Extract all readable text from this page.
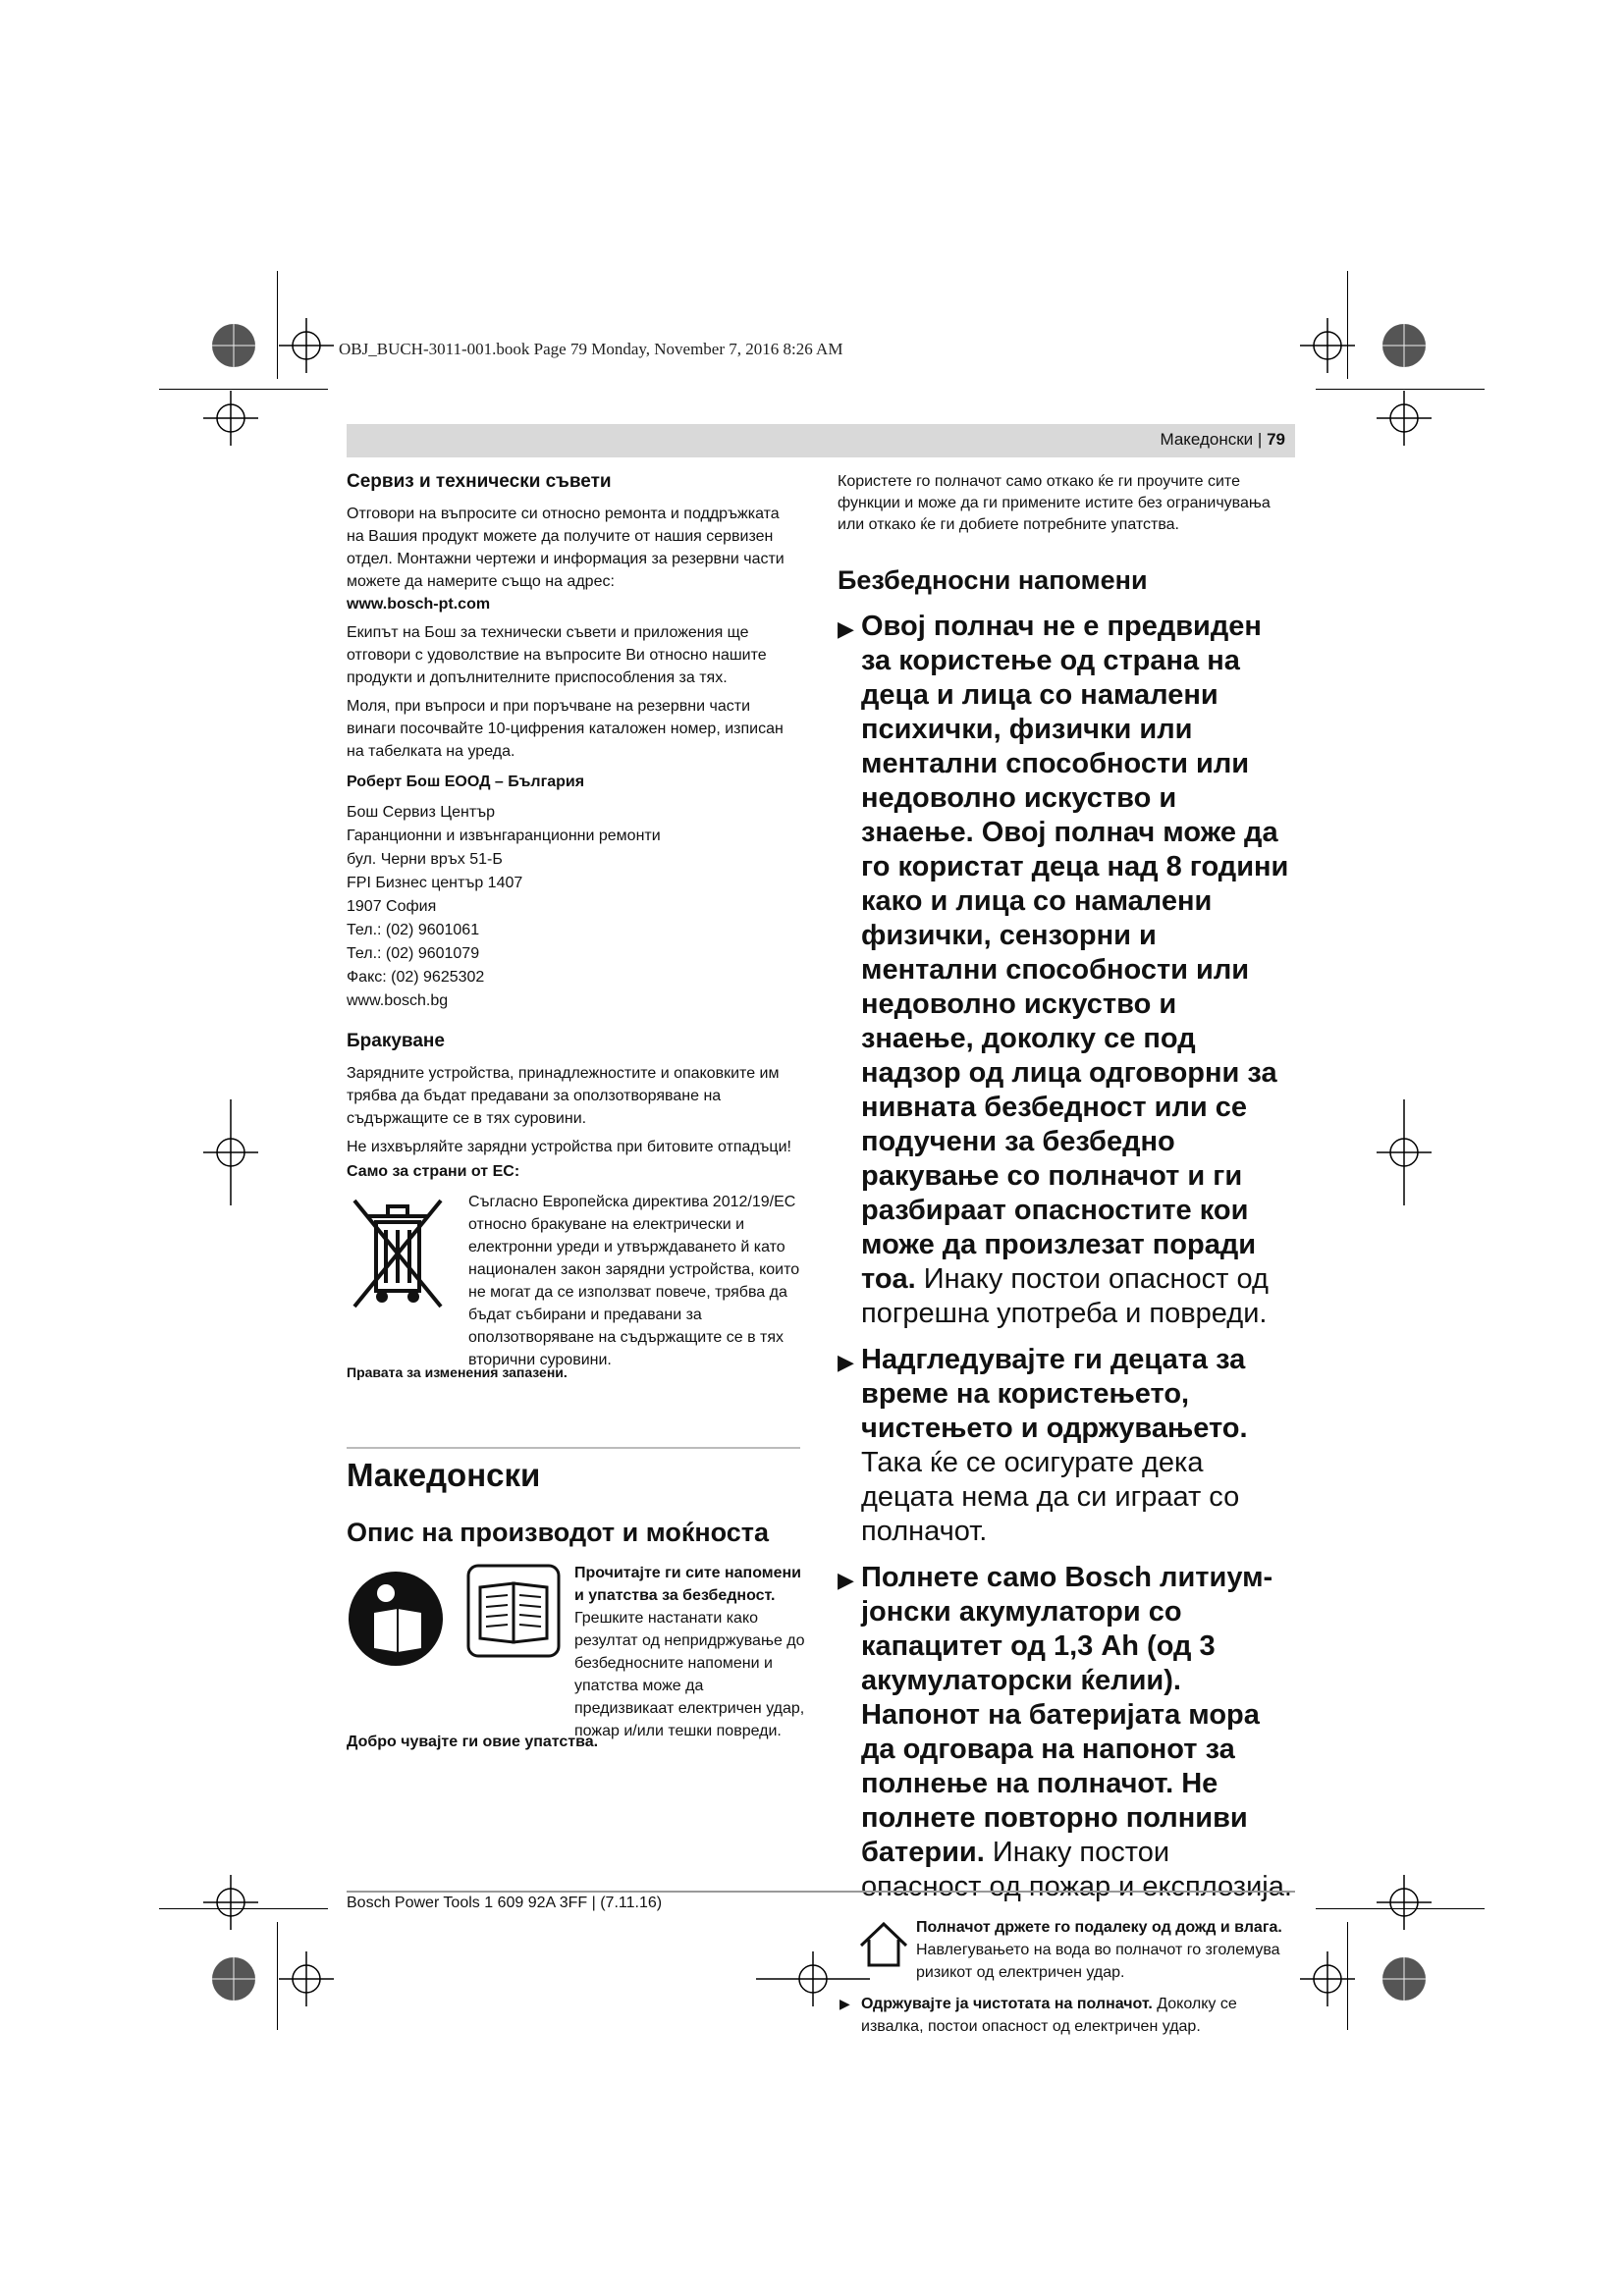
OBJ_BUCH-3011-001.book Page 79 Monday, November 7, 2016 8:26 AM
Македонски | 79
Сервиз и технически съвети
Отговори на въпросите си относно ремонта и поддръжката на Вашия продукт можете да получите от нашия сервизен отдел. Монтажни чертежи и информация за резервни части можете да намерите също на адрес:
www.bosch-pt.com
Екипът на Бош за технически съвети и приложения ще отговори с удоволствие на въпросите Ви относно нашите продукти и допълнителните приспособления за тях.
Моля, при въпроси и при поръчване на резервни части винаги посочвайте 10-цифрения каталожен номер, изписан на табелката на уреда.
Роберт Бош ЕООД – България
Бош Сервиз Център
Гаранционни и извънгаранционни ремонти
бул. Черни връх 51-Б
FPI Бизнес център 1407
1907 София
Тел.: (02) 9601061
Тел.: (02) 9601079
Факс: (02) 9625302
www.bosch.bg
Бракуване
Зарядните устройства, принадлежностите и опаковките им трябва да бъдат предавани за оползотворяване на съдържащите се в тях суровини.
Не изхвърляйте зарядни устройства при битовите отпадъци!
Само за страни от ЕС:
Съгласно Европейска директива 2012/19/ЕС относно бракуване на електрически и електронни уреди и утвърждаването й като национален закон зарядни устройства, които не могат да се използват повече, трябва да бъдат събирани и предавани за оползотворяване на съдържащите се в тях вторични суровини.
Правата за изменения запазени.
Македонски
Опис на производот и моќноста
Прочитајте ги сите напомени и упатства за безбедност. Грешките настанати како резултат од непридржување до безбедносните напомени и упатства може да предизвикаат електричен удар, пожар и/или тешки повреди.
Добро чувајте ги овие упатства.
Користете го полначот само откако ќе ги проучите сите функции и може да ги примените истите без ограничувања или откако ќе ги добиете потребните упатства.
Безбедносни напомени
▶ Овој полнач не е предвиден за користење од страна на деца и лица со намалени психички, физички или ментални способности или недоволно искуство и знаење. Овој полнач може да го користат деца над 8 години како и лица со намалени физички, сензорни и ментални способности или недоволно искуство и знаење, доколку се под надзор од лица одговорни за нивната безбедност или се подучени за безбедно ракување со полначот и ги разбираат опасностите кои може да произлезат поради тоа. Инаку постои опасност од погрешна употреба и повреди.
▶ Надгледувајте ги децата за време на користењето, чистењето и одржувањето. Така ќе се осигурате дека децата нема да си играат со полначот.
▶ Полнете само Bosch литиум-јонски акумулатори со капацитет од 1,3 Ah (од 3 акумулаторски ќелии). Напонот на батеријата мора да одговара на напонот за полнење на полначот. Не полнете повторно полниви батерии. Инаку постои опасност од пожар и експлозија.
Полначот држете го подалеку од дожд и влага. Навлегувањето на вода во полначот го зголемува ризикот од електричен удар.
▶ Одржувајте ја чистотата на полначот. Доколку се извалка, постои опасност од електричен удар.
Bosch Power Tools 1 609 92A 3FF | (7.11.16)
